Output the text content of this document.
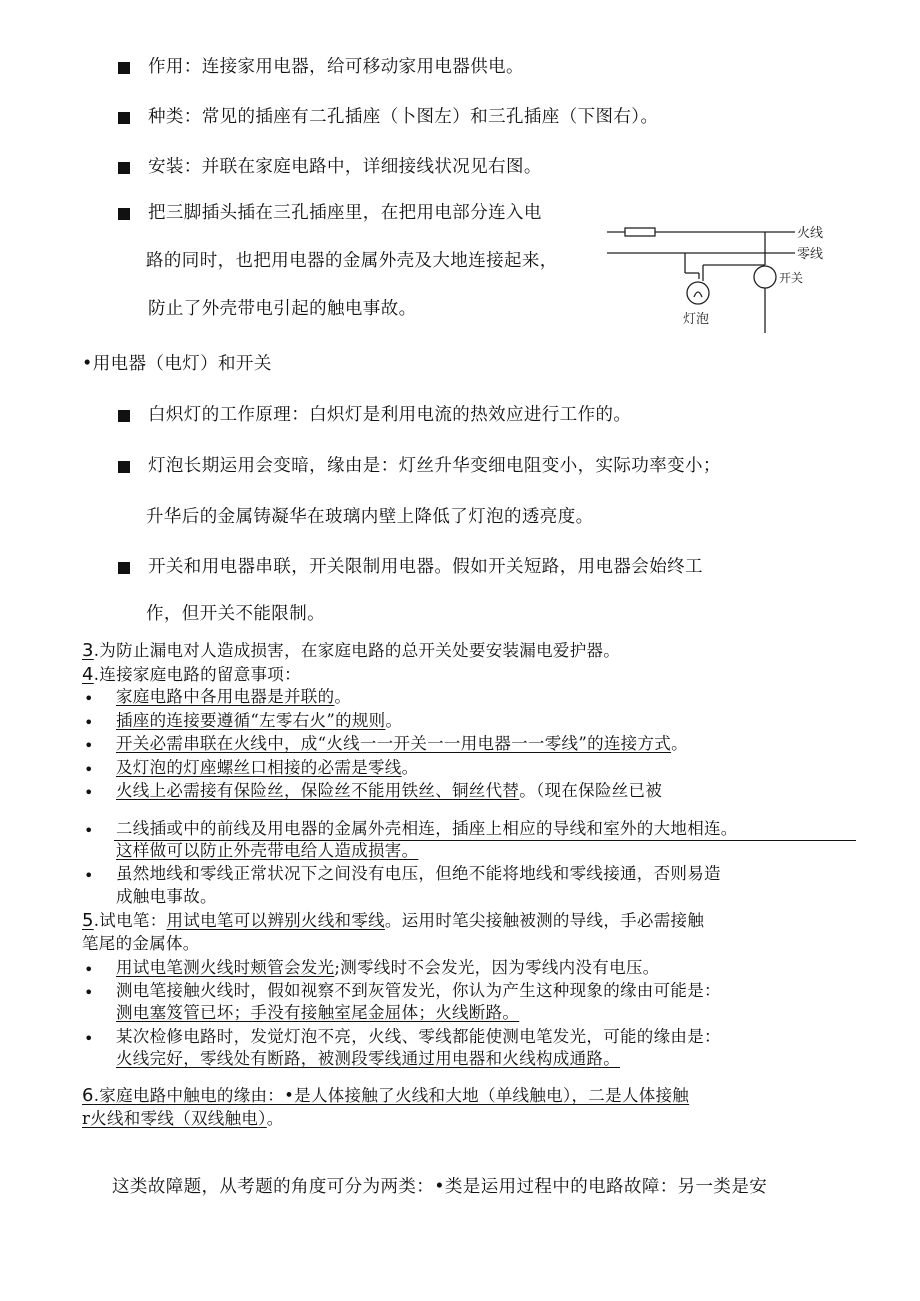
作用：连接家用电器，给可移动家用电器供电。
种类：常见的插座有二孔插座（卜图左）和三孔插座（下图右）。
安装：并联在家庭电路中，详细接线状况见右图。
把三脚插头插在三孔插座里，在把用电部分连入电
路的同时，也把用电器的金属外壳及大地连接起来，
防止了外壳带电引起的触电事故。
火线
零线
开关
灯泡
•用电器（电灯）和开关
白炽灯的工作原理：白炽灯是利用电流的热效应进行工作的。
灯泡长期运用会变暗，缘由是：灯丝升华变细电阻变小，实际功率变小；
升华后的金属铸凝华在玻璃内壁上降低了灯泡的透亮度。
开关和用电器串联，开关限制用电器。假如开关短路，用电器会始终工
作，但开关不能限制。
3.为防止漏电对人造成损害，在家庭电路的总开关处要安装漏电爱护器。
4.连接家庭电路的留意事项：
• 家庭电路中各用电器是并联的。
• 插座的连接要遵循“左零右火”的规则。
• 开关必需串联在火线中，成“火线一一开关一一用电器一一零线”的连接方式。
• 及灯泡的灯座螺丝口相接的必需是零线。
• 火线上必需接有保险丝，保险丝不能用铁丝、铜丝代替。（现在保险丝已被
• 二线插或中的前线及用电器的金属外壳相连，插座上相应的导线和室外的大地相连。
这样做可以防止外壳带电给人造成损害。
• 虽然地线和零线正常状况下之间没有电压，但绝不能将地线和零线接通，否则易造
成触电事故。
5.试电笔：用试电笔可以辨别火线和零线。运用时笔尖接触被测的导线，手必需接触
笔尾的金属体。
• 用试电笔测火线时颊管会发光;测零线时不会发光，因为零线内没有电压。
• 测电笔接触火线时，假如视察不到灰管发光，你认为产生这种现象的缘由可能是：
测电塞笈管已坏；手没有接触室尾金屈体；火线断路。
• 某次检修电路时，发觉灯泡不亮，火线、零线都能使测电笔发光，可能的缘由是：
火线完好，零线处有断路，被测段零线通过用电器和火线构成通路。
6.家庭电路中触电的缘由：•是人体接触了火线和大地（单线触电），二是人体接触
r火线和零线（双线触电）。
这类故障题，从考题的角度可分为两类：•类是运用过程中的电路故障：另一类是安
